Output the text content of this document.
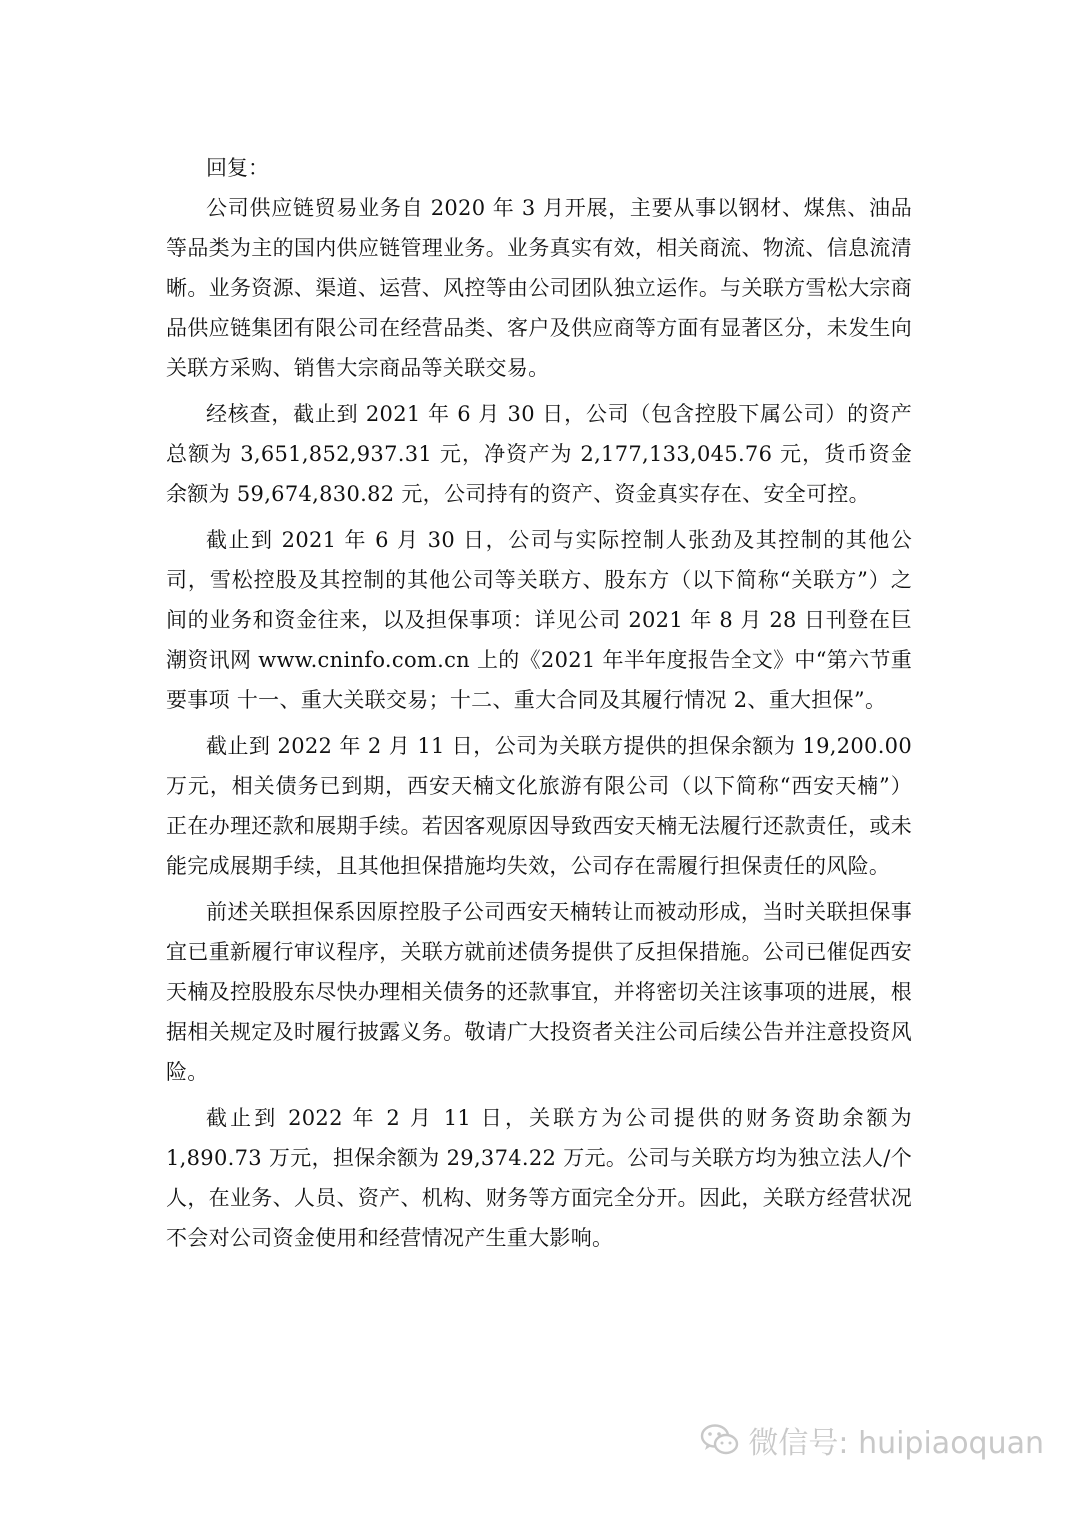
回复：

公司供应链贸易业务自 2020 年 3 月开展，主要从事以钢材、煤焦、油品等品类为主的国内供应链管理业务。业务真实有效，相关商流、物流、信息流清晰。业务资源、渠道、运营、风控等由公司团队独立运作。与关联方雪松大宗商品供应链集团有限公司在经营品类、客户及供应商等方面有显著区分，未发生向关联方采购、销售大宗商品等关联交易。

经核查，截止到 2021 年 6 月 30 日，公司（包含控股下属公司）的资产总额为 3,651,852,937.31 元，净资产为 2,177,133,045.76 元，货币资金余额为 59,674,830.82 元，公司持有的资产、资金真实存在、安全可控。

截止到 2021 年 6 月 30 日，公司与实际控制人张劲及其控制的其他公司，雪松控股及其控制的其他公司等关联方、股东方（以下简称“关联方”）之间的业务和资金往来，以及担保事项：详见公司 2021 年 8 月 28 日刊登在巨潮资讯网 www.cninfo.com.cn 上的《2021 年半年度报告全文》中“第六节重要事项 十一、重大关联交易；十二、重大合同及其履行情况 2、重大担保”。

截止到 2022 年 2 月 11 日，公司为关联方提供的担保余额为 19,200.00 万元，相关债务已到期，西安天楠文化旅游有限公司（以下简称“西安天楠”）正在办理还款和展期手续。若因客观原因导致西安天楠无法履行还款责任，或未能完成展期手续，且其他担保措施均失效，公司存在需履行担保责任的风险。

前述关联担保系因原控股子公司西安天楠转让而被动形成，当时关联担保事宜已重新履行审议程序，关联方就前述债务提供了反担保措施。公司已催促西安天楠及控股股东尽快办理相关债务的还款事宜，并将密切关注该事项的进展，根据相关规定及时履行披露义务。敬请广大投资者关注公司后续公告并注意投资风险。

截止到 2022 年 2 月 11 日，关联方为公司提供的财务资助余额为 1,890.73 万元，担保余额为 29,374.22 万元。公司与关联方均为独立法人/个人，在业务、人员、资产、机构、财务等方面完全分开。因此，关联方经营状况不会对公司资金使用和经营情况产生重大影响。

微信号: huipiaoquan
